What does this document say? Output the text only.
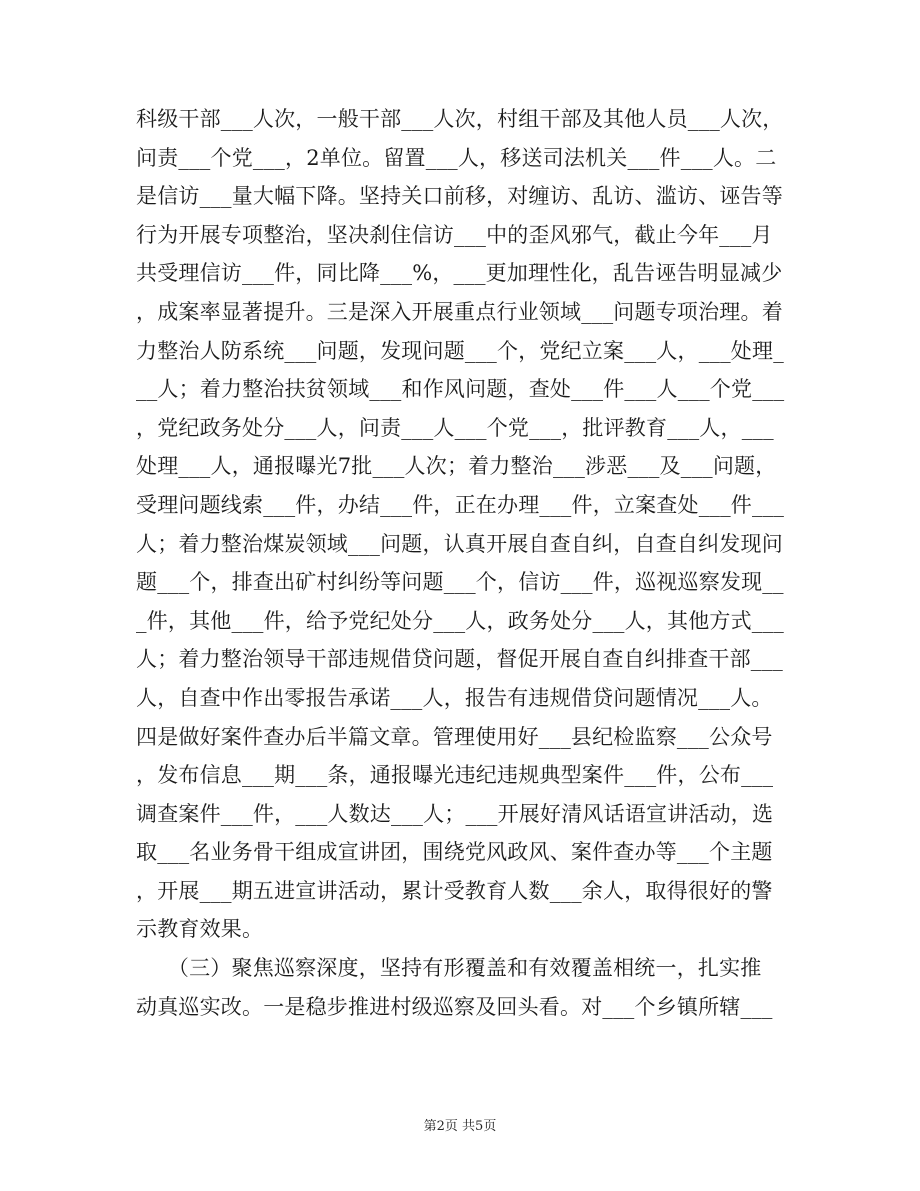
科级干部___人次，一般干部___人次，村组干部及其他人员___人次，
问责___个党___，2单位。留置___人，移送司法机关___件___人。二
是信访___量大幅下降。坚持关口前移，对缠访、乱访、滥访、诬告等
行为开展专项整治，坚决刹住信访___中的歪风邪气，截止今年___月
共受理信访___件，同比降___%，___更加理性化，乱告诬告明显减少
，成案率显著提升。三是深入开展重点行业领域___问题专项治理。着
力整治人防系统___问题，发现问题___个，党纪立案___人，___处理_
__人；着力整治扶贫领域___和作风问题，查处___件___人___个党___
，党纪政务处分___人，问责___人___个党___，批评教育___人，___
处理___人，通报曝光7批___人次；着力整治___涉恶___及___问题，
受理问题线索___件，办结___件，正在办理___件，立案查处___件___
人；着力整治煤炭领域___问题，认真开展自查自纠，自查自纠发现问
题___个，排查出矿村纠纷等问题___个，信访___件，巡视巡察发现__
_件，其他___件，给予党纪处分___人，政务处分___人，其他方式___
人；着力整治领导干部违规借贷问题，督促开展自查自纠排查干部___
人，自查中作出零报告承诺___人，报告有违规借贷问题情况___人。
四是做好案件查办后半篇文章。管理使用好___县纪检监察___公众号
，发布信息___期___条，通报曝光违纪违规典型案件___件，公布___
调查案件___件，___人数达___人；___开展好清风话语宣讲活动，选
取___名业务骨干组成宣讲团，围绕党风政风、案件查办等___个主题
，开展___期五进宣讲活动，累计受教育人数___余人，取得很好的警
示教育效果。
　　（三）聚焦巡察深度，坚持有形覆盖和有效覆盖相统一，扎实推
动真巡实改。一是稳步推进村级巡察及回头看。对___个乡镇所辖___
第2页 共5页
